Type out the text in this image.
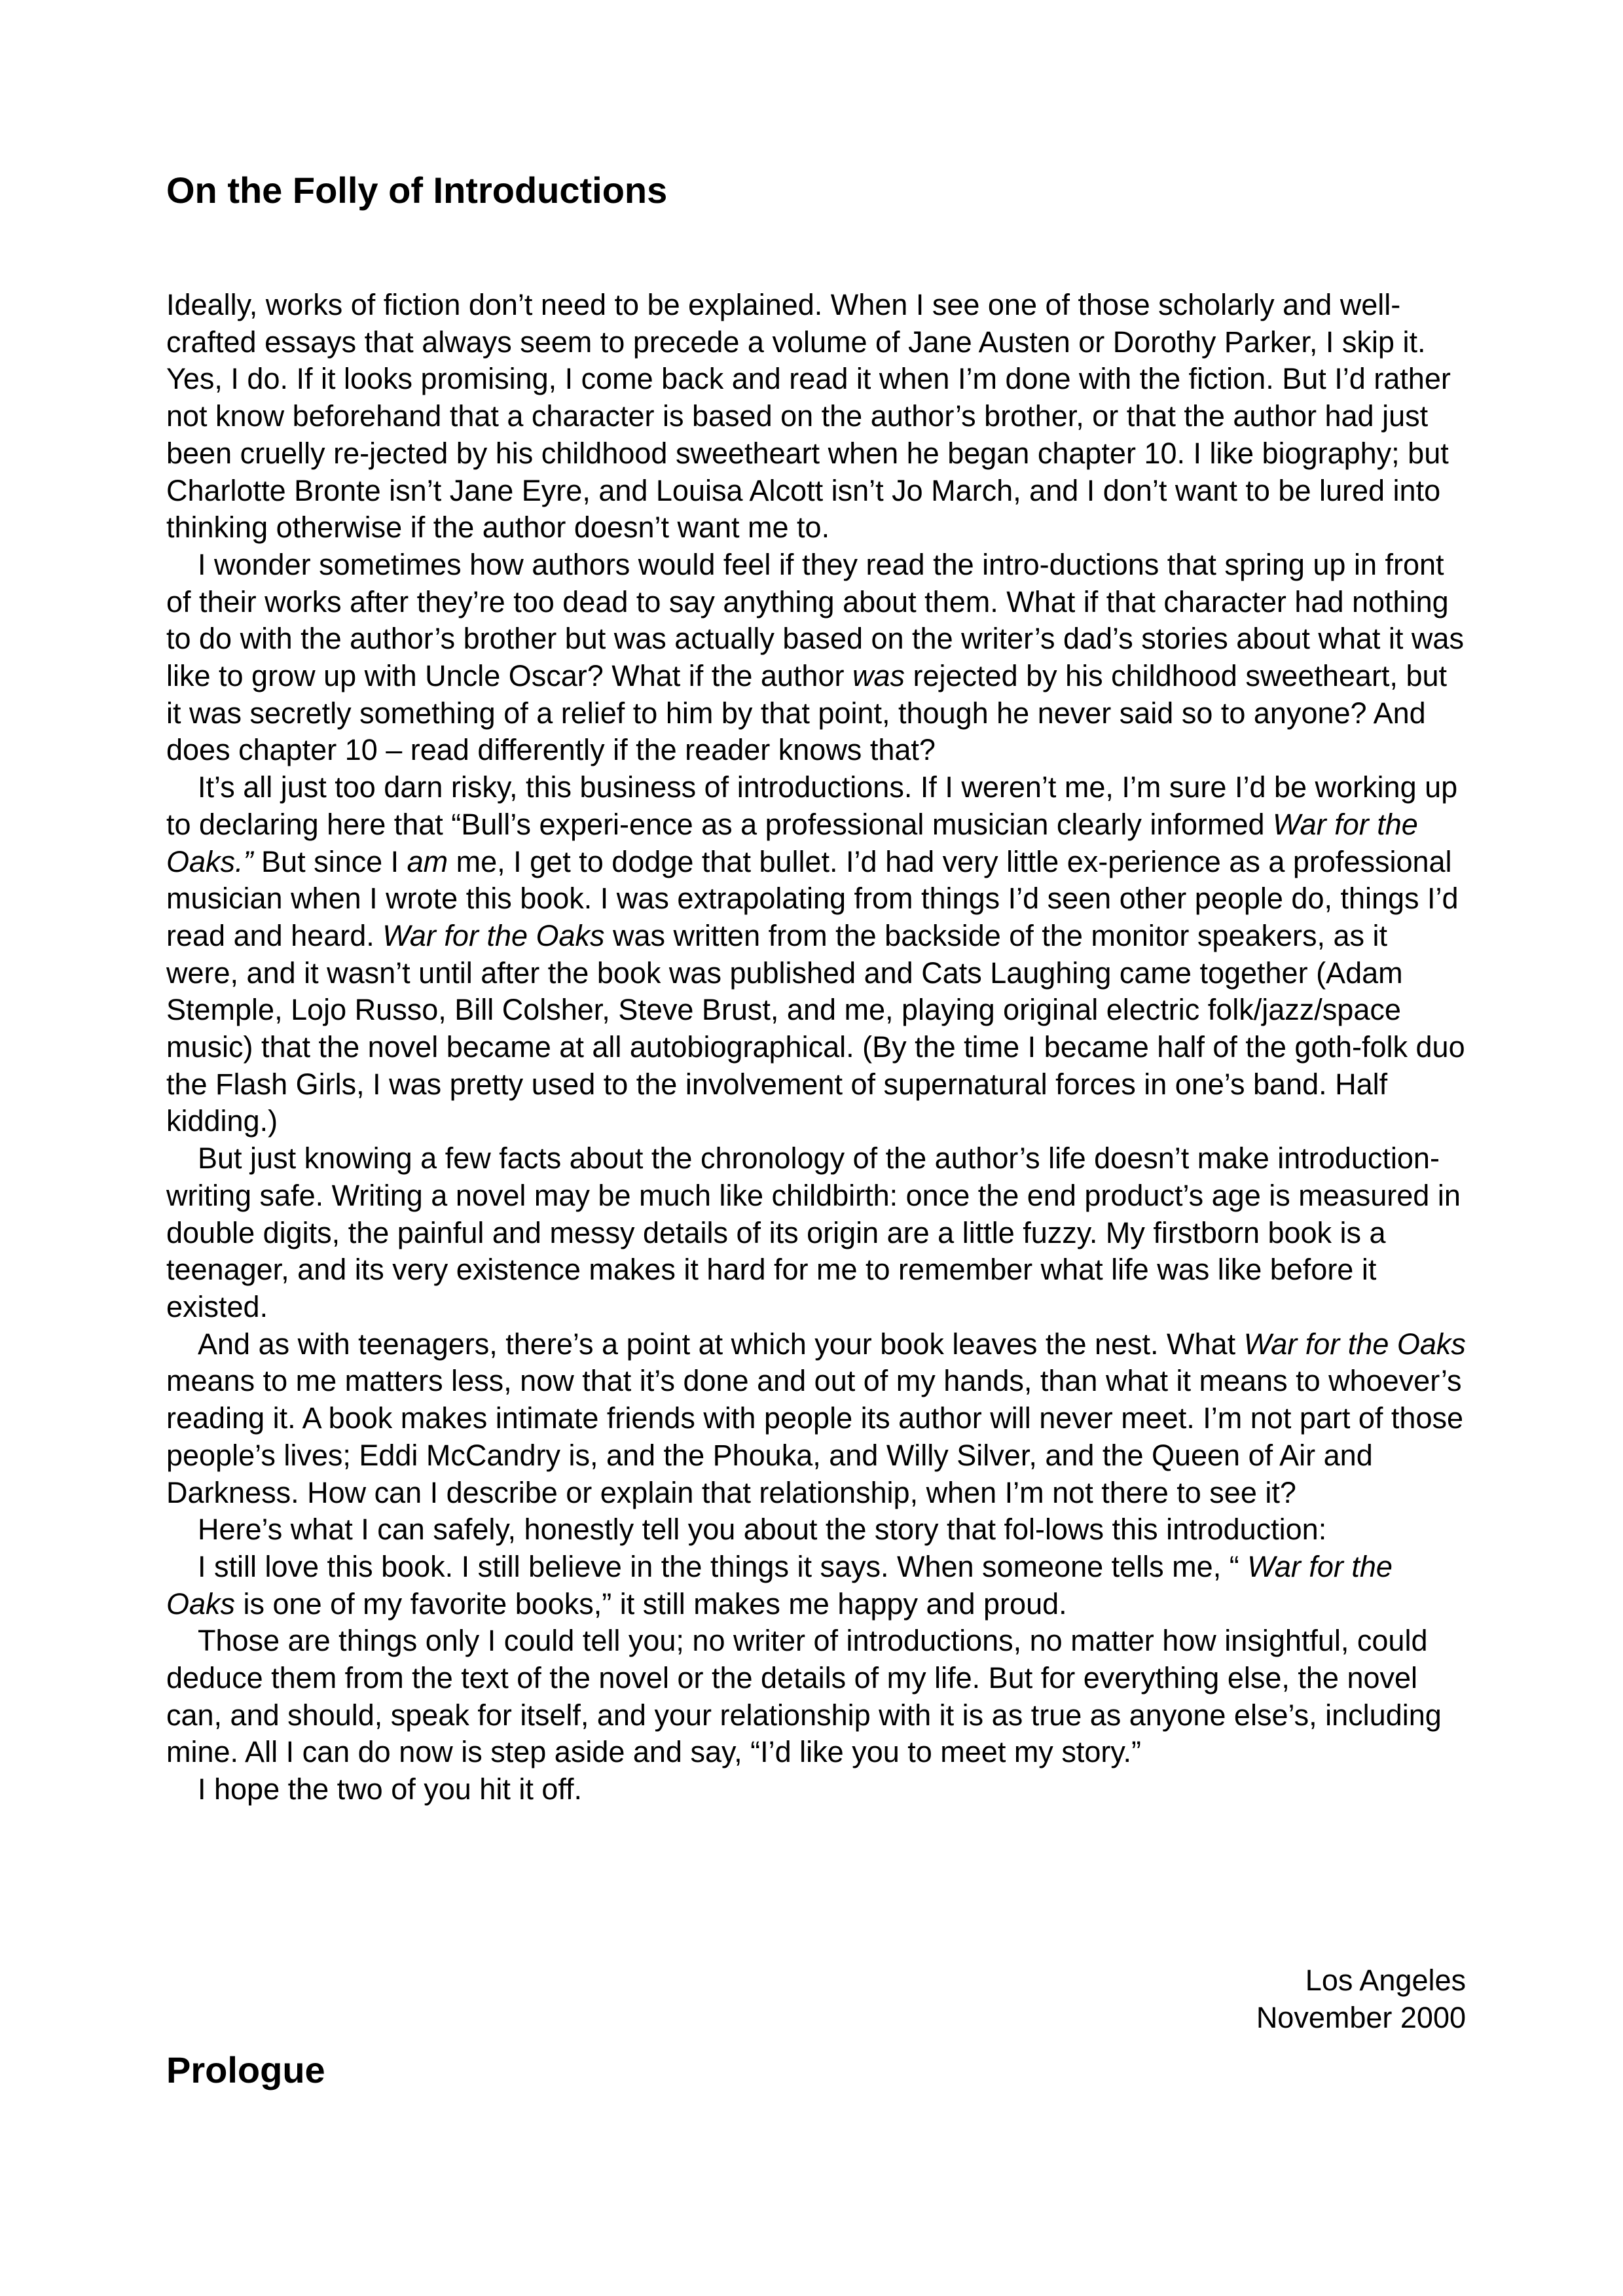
On the Folly of Introductions

Ideally, works of fiction don’t need to be explained. When I see one of those scholarly and well-crafted essays that always seem to precede a volume of Jane Austen or Dorothy Parker, I skip it. Yes, I do. If it looks promising, I come back and read it when I’m done with the fiction. But I’d rather not know beforehand that a character is based on the author’s brother, or that the author had just been cruelly re-jected by his childhood sweetheart when he began chapter 10. I like biography; but Charlotte Bronte isn’t Jane Eyre, and Louisa Alcott isn’t Jo March, and I don’t want to be lured into thinking otherwise if the author doesn’t want me to.

I wonder sometimes how authors would feel if they read the intro-ductions that spring up in front of their works after they’re too dead to say anything about them. What if that character had nothing to do with the author’s brother but was actually based on the writer’s dad’s stories about what it was like to grow up with Uncle Oscar? What if the author was rejected by his childhood sweetheart, but it was secretly something of a relief to him by that point, though he never said so to anyone? And does chapter 10 – read differently if the reader knows that?

It’s all just too darn risky, this business of introductions. If I weren’t me, I’m sure I’d be working up to declaring here that “Bull’s experi-ence as a professional musician clearly informed War for the Oaks.” But since I am me, I get to dodge that bullet. I’d had very little ex-perience as a professional musician when I wrote this book. I was extrapolating from things I’d seen other people do, things I’d read and heard. War for the Oaks was written from the backside of the monitor speakers, as it were, and it wasn’t until after the book was published and Cats Laughing came together (Adam Stemple, Lojo Russo, Bill Colsher, Steve Brust, and me, playing original electric folk/jazz/space music) that the novel became at all autobiographical. (By the time I became half of the goth-folk duo the Flash Girls, I was pretty used to the involvement of supernatural forces in one’s band. Half kidding.)

But just knowing a few facts about the chronology of the author’s life doesn’t make introduction-writing safe. Writing a novel may be much like childbirth: once the end product’s age is measured in double digits, the painful and messy details of its origin are a little fuzzy. My firstborn book is a teenager, and its very existence makes it hard for me to remember what life was like before it existed.

And as with teenagers, there’s a point at which your book leaves the nest. What War for the Oaks means to me matters less, now that it’s done and out of my hands, than what it means to whoever’s reading it. A book makes intimate friends with people its author will never meet. I’m not part of those people’s lives; Eddi McCandry is, and the Phouka, and Willy Silver, and the Queen of Air and Darkness. How can I describe or explain that relationship, when I’m not there to see it?

Here’s what I can safely, honestly tell you about the story that fol-lows this introduction:

I still love this book. I still believe in the things it says. When someone tells me, “ War for the Oaks is one of my favorite books,” it still makes me happy and proud.

Those are things only I could tell you; no writer of introductions, no matter how insightful, could deduce them from the text of the novel or the details of my life. But for everything else, the novel can, and should, speak for itself, and your relationship with it is as true as anyone else’s, including mine. All I can do now is step aside and say, “I’d like you to meet my story.”

I hope the two of you hit it off.

Los Angeles
November 2000
Prologue
